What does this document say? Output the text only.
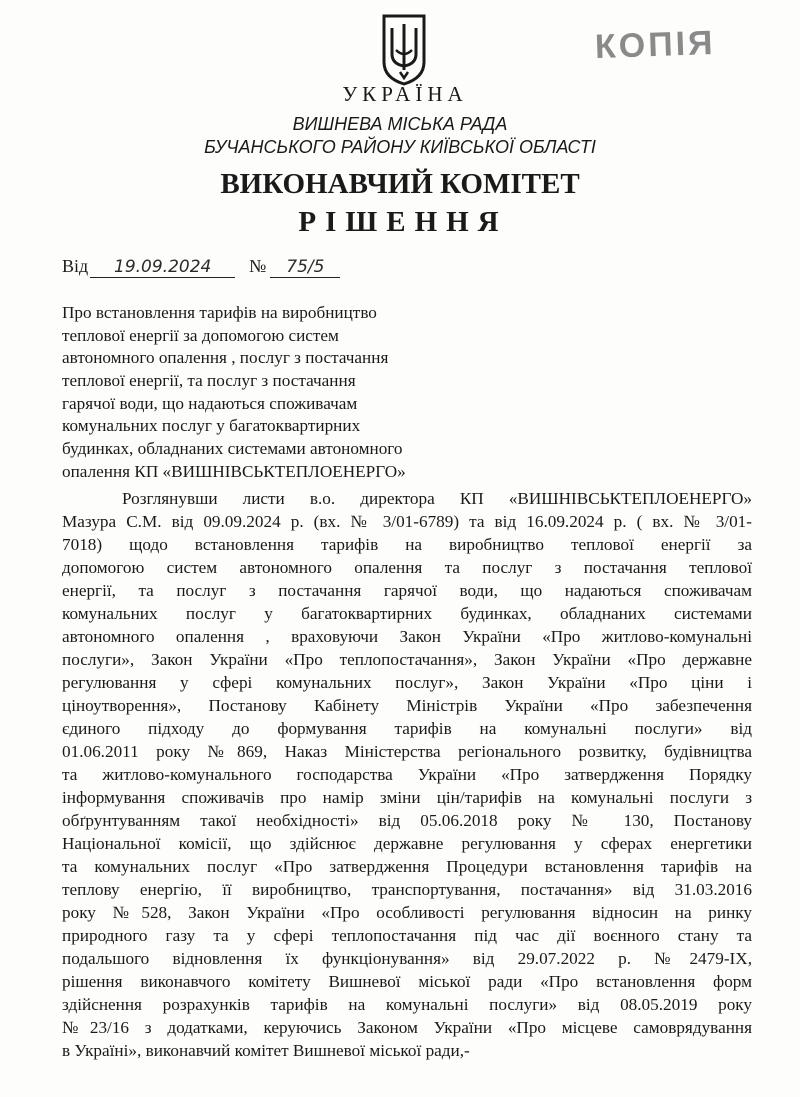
КОПІЯ
УКРАЇНА
ВИШНЕВА МІСЬКА РАДА
БУЧАНСЬКОГО РАЙОНУ КИЇВСЬКОЇ ОБЛАСТІ
ВИКОНАВЧИЙ КОМІТЕТ
РІШЕННЯ
Від 19.09.2024 № 75/5
Про встановлення тарифів на виробництво
теплової енергії за допомогою систем
автономного опалення , послуг з постачання
теплової енергії, та послуг з постачання
гарячої води, що надаються споживачам
комунальних послуг у багатоквартирних
будинках, обладнаних системами автономного
опалення КП «ВИШНІВСЬКТЕПЛОЕНЕРГО»
Розглянувши листи в.о. директора КП «ВИШНІВСЬКТЕПЛОЕНЕРГО»
Мазура С.М. від 09.09.2024 р. (вх. № 3/01-6789) та від 16.09.2024 р. ( вх. № 3/01-
7018) щодо встановлення тарифів на виробництво теплової енергії за
допомогою систем автономного опалення та послуг з постачання теплової
енергії, та послуг з постачання гарячої води, що надаються споживачам
комунальних послуг у багатоквартирних будинках, обладнаних системами
автономного опалення , враховуючи Закон України «Про житлово-комунальні
послуги», Закон України «Про теплопостачання», Закон України «Про державне
регулювання у сфері комунальних послуг», Закон України «Про ціни і
ціноутворення», Постанову Кабінету Міністрів України «Про забезпечення
єдиного підходу до формування тарифів на комунальні послуги» від
01.06.2011 року №869, Наказ Міністерства регіонального розвитку, будівництва
та житлово-комунального господарства України «Про затвердження Порядку
інформування споживачів про намір зміни цін/тарифів на комунальні послуги з
обґрунтуванням такої необхідності» від 05.06.2018 року № 130, Постанову
Національної комісії, що здійснює державне регулювання у сферах енергетики
та комунальних послуг «Про затвердження Процедури встановлення тарифів на
теплову енергію, її виробництво, транспортування, постачання» від 31.03.2016
року №528, Закон України «Про особливості регулювання відносин на ринку
природного газу та у сфері теплопостачання під час дії воєнного стану та
подальшого відновлення їх функціонування» від 29.07.2022 р. №2479-IX,
рішення виконавчого комітету Вишневої міської ради «Про встановлення форм
здійснення розрахунків тарифів на комунальні послуги» від 08.05.2019 року
№23/16 з додатками, керуючись Законом України «Про місцеве самоврядування
в Україні», виконавчий комітет Вишневої міської ради,-
